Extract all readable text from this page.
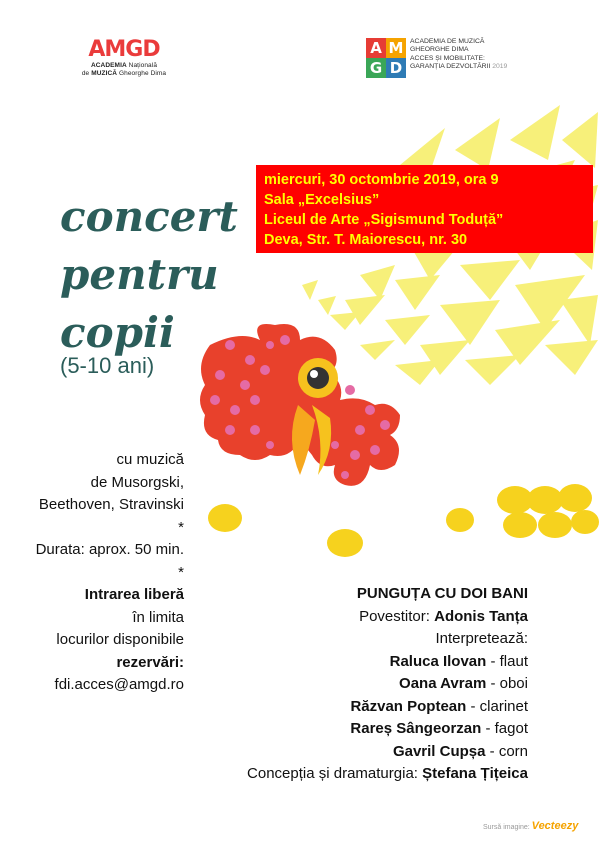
AMGD
ACADEMIA Națională
de MUZICĂ Gheorghe Dima
A M
G D
ACADEMIA DE MUZICĂ
GHEORGHE DIMA
ACCES ȘI MOBILITATE:
GARANȚIA DEZVOLTĂRII 2019

miercuri, 30 octombrie 2019, ora 9

Sala „Excelsius”

Liceul de Arte „Sigismund Toduță”

Deva, Str. T. Maiorescu, nr. 30

concert
pentru
copii
(5-10 ani)
cu muzică
de Musorgski,
Beethoven, Stravinski
*
Durata: aprox. 50 min.
*
Intrarea liberă
în limita
locurilor disponibile
rezervări:
fdi.acces@amgd.ro
PUNGUȚA CU DOI BANI
Povestitor: Adonis Tanța
Interpretează:
Raluca Ilovan - flaut
Oana Avram - oboi
Răzvan Poptean - clarinet
Rareș Sângeorzan - fagot
Gavril Cupșa - corn
Concepția și dramaturgia: Ștefana Țițeica
Sursă imagine: Vecteezy
